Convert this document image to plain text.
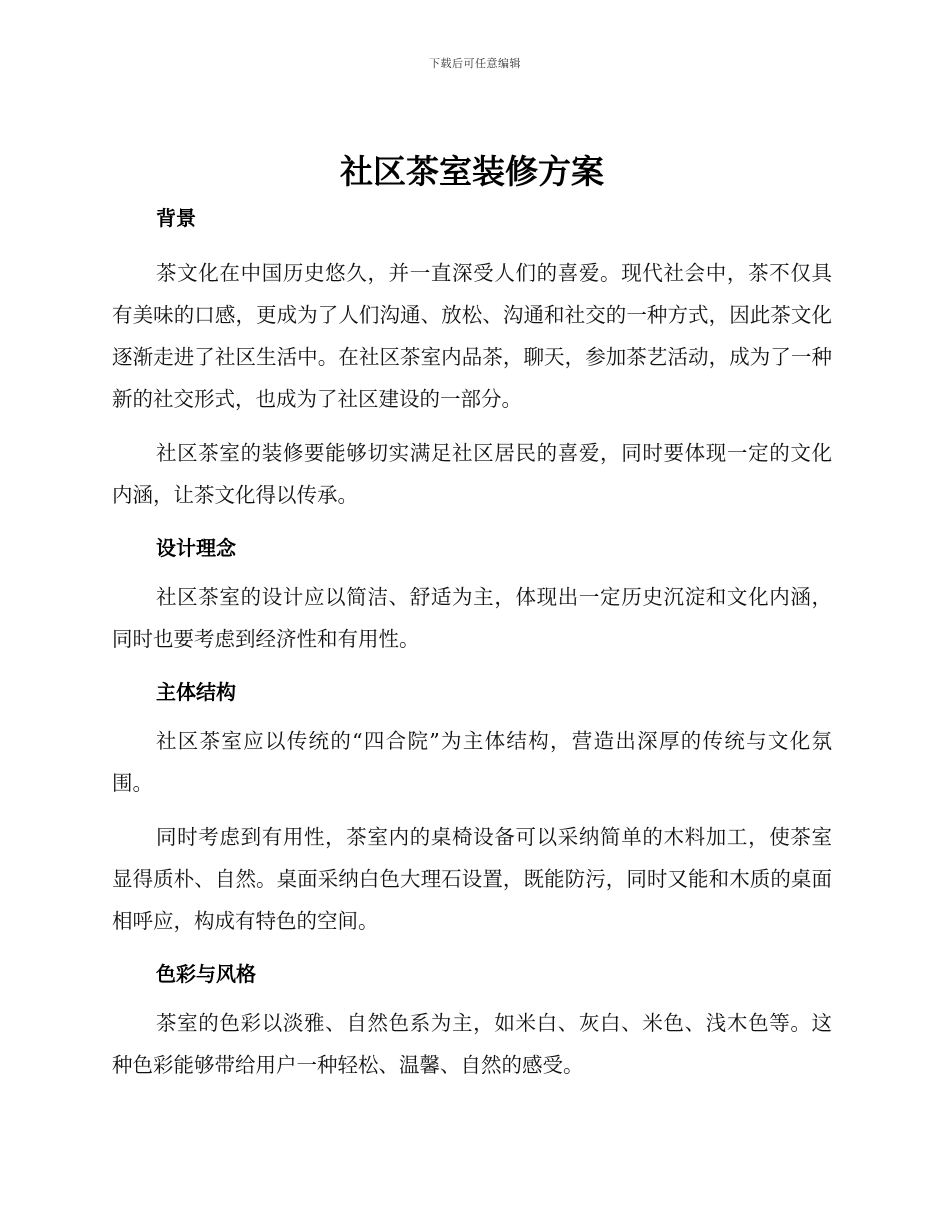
下载后可任意编辑
社区茶室装修方案
背景

茶文化在中国历史悠久，并一直深受人们的喜爱。现代社会中，茶不仅具有美味的口感，更成为了人们沟通、放松、沟通和社交的一种方式，因此茶文化逐渐走进了社区生活中。在社区茶室内品茶，聊天，参加茶艺活动，成为了一种新的社交形式，也成为了社区建设的一部分。

社区茶室的装修要能够切实满足社区居民的喜爱，同时要体现一定的文化内涵，让茶文化得以传承。

设计理念

社区茶室的设计应以简洁、舒适为主，体现出一定历史沉淀和文化内涵，同时也要考虑到经济性和有用性。

主体结构

社区茶室应以传统的“四合院”为主体结构，营造出深厚的传统与文化氛围。

同时考虑到有用性，茶室内的桌椅设备可以采纳简单的木料加工，使茶室显得质朴、自然。桌面采纳白色大理石设置，既能防污，同时又能和木质的桌面相呼应，构成有特色的空间。

色彩与风格

茶室的色彩以淡雅、自然色系为主，如米白、灰白、米色、浅木色等。这种色彩能够带给用户一种轻松、温馨、自然的感受。
